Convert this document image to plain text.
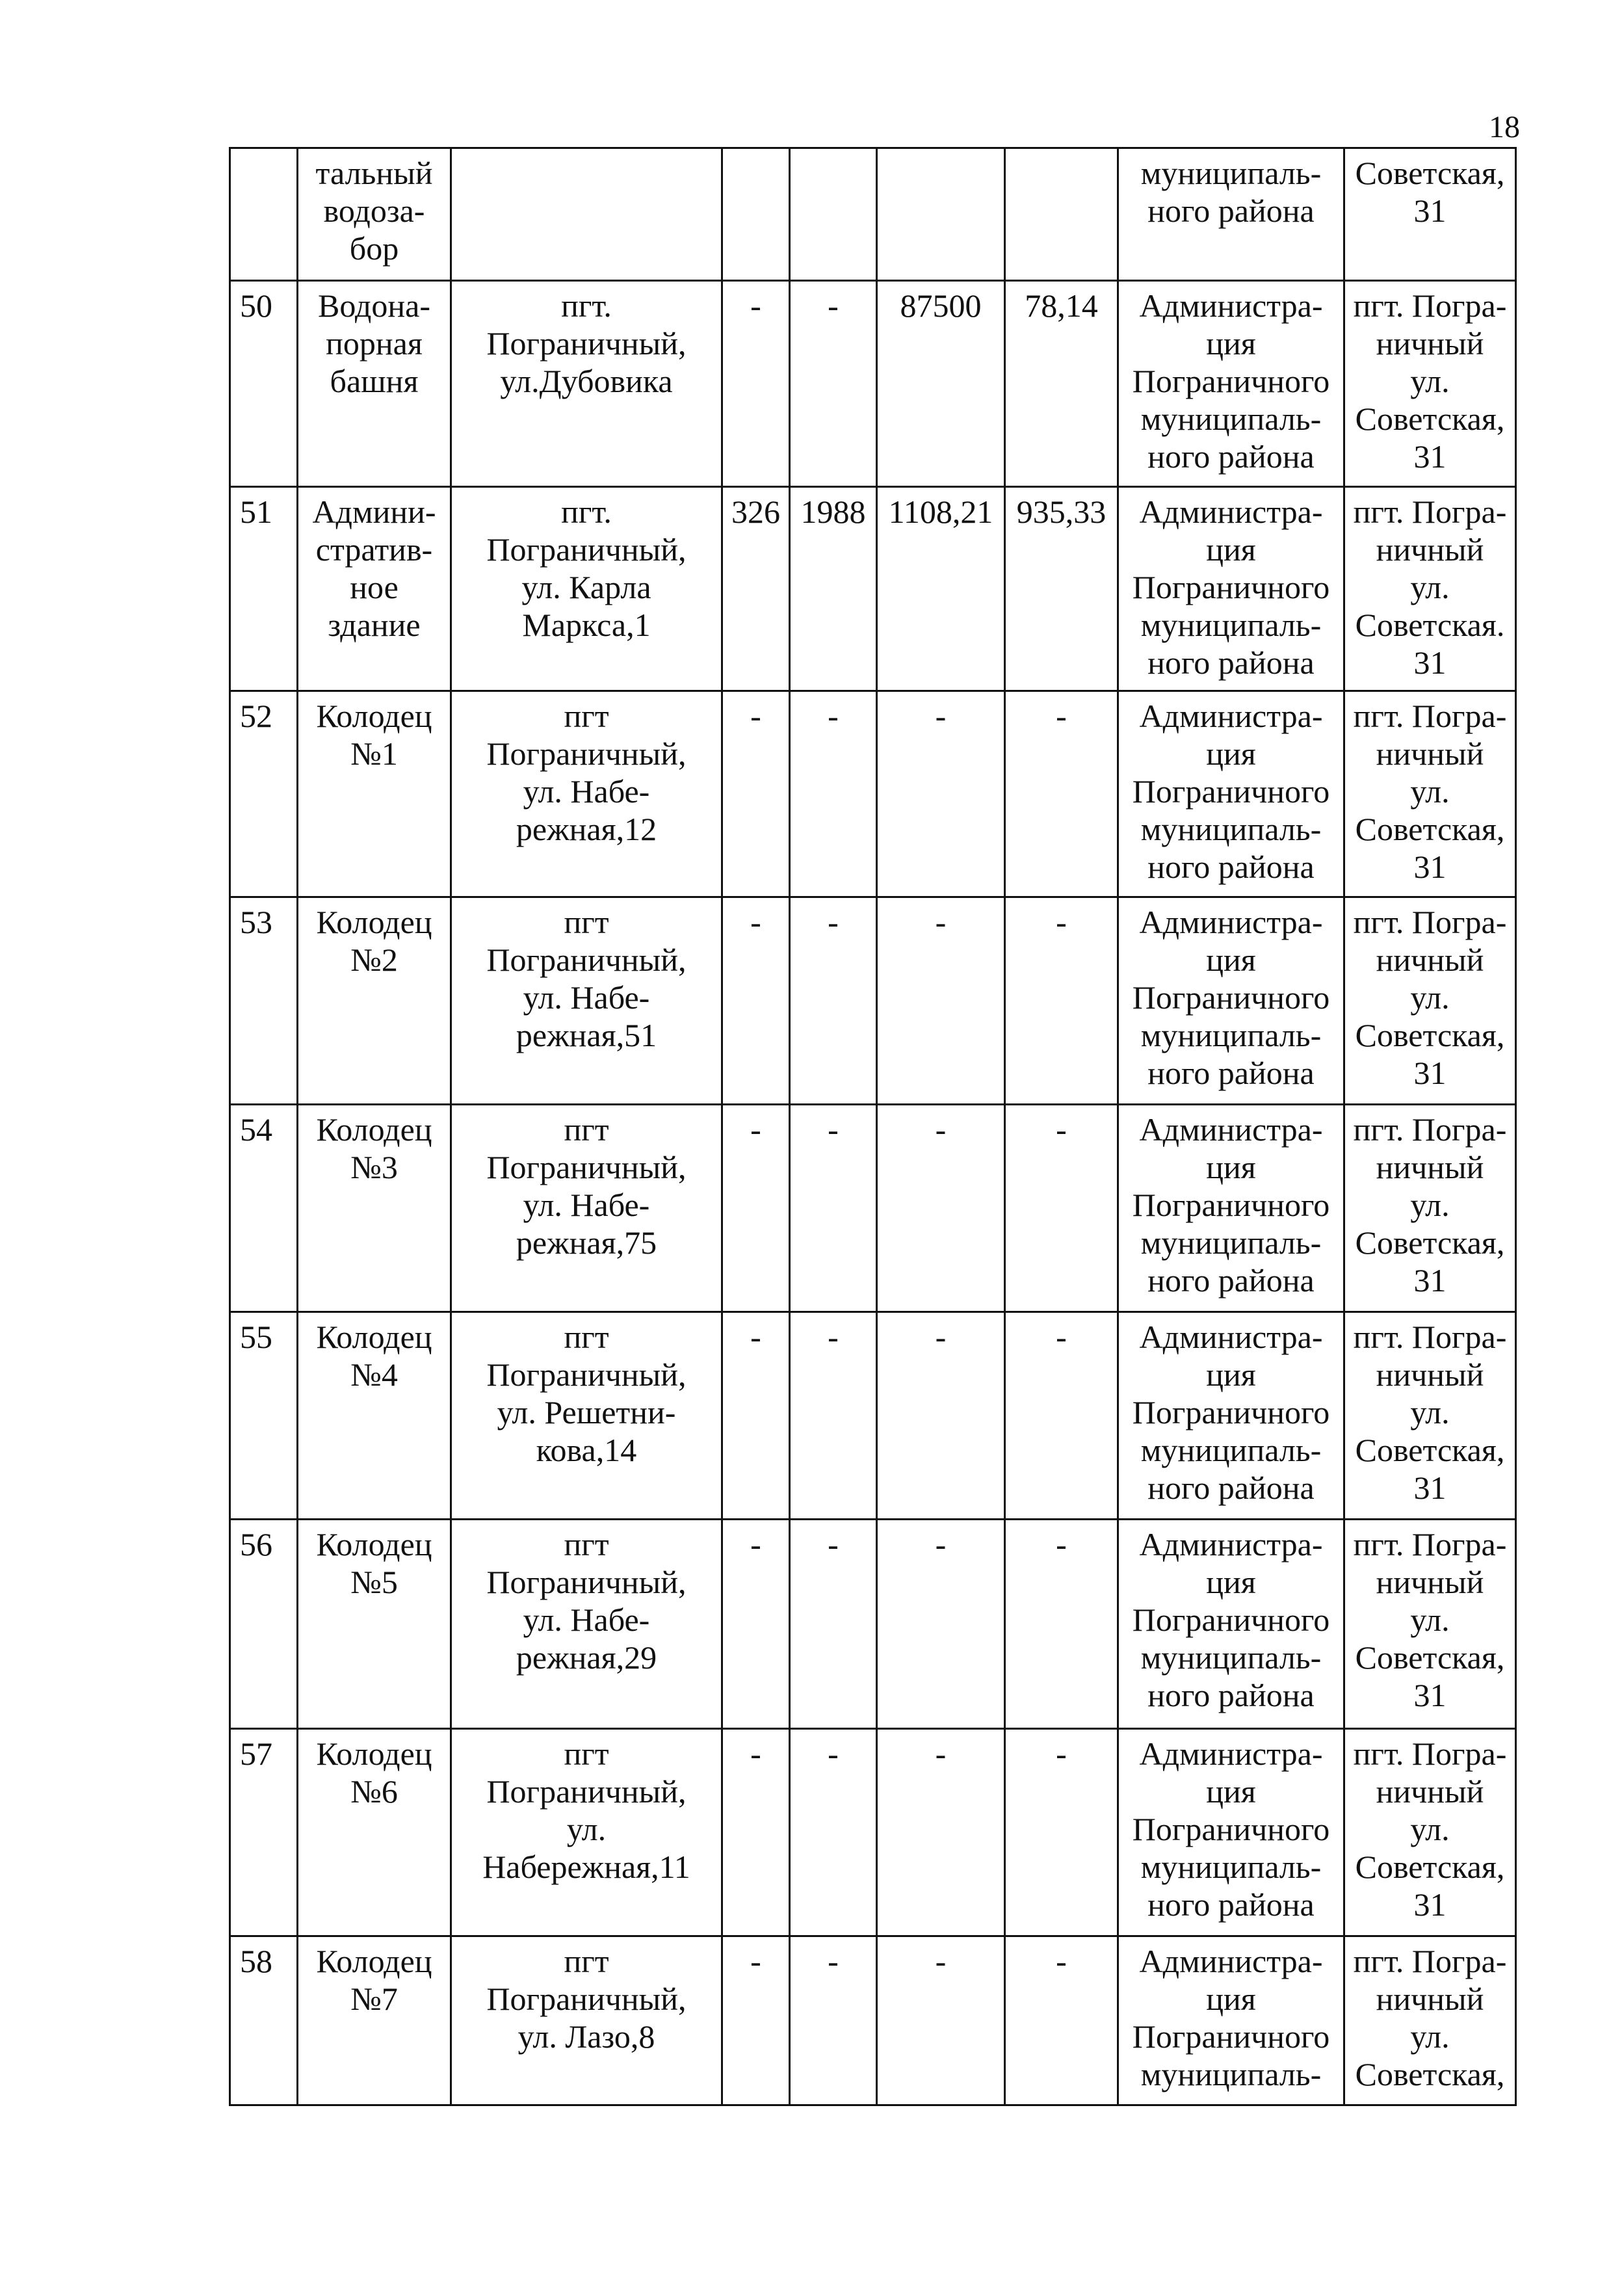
18
	тальный
водоза-
бор						муниципаль-
ного района	Советская,
31
50	Водона-
порная
башня	пгт.
Пограничный,
ул.Дубовика	-	-	87500	78,14	Администра-
ция
Пограничного
муниципаль-
ного района	пгт. Погра-
ничный
ул.
Советская,
31
51	Админи-
стратив-
ное
здание	пгт.
Пограничный,
ул. Карла
Маркса,1	326	1988	1108,21	935,33	Администра-
ция
Пограничного
муниципаль-
ного района	пгт. Погра-
ничный
ул.
Советская.
31
52	Колодец
№1	пгт
Пограничный,
ул. Набе-
режная,12	-	-	-	-	Администра-
ция
Пограничного
муниципаль-
ного района	пгт. Погра-
ничный
ул.
Советская,
31
53	Колодец
№2	пгт
Пограничный,
ул. Набе-
режная,51	-	-	-	-	Администра-
ция
Пограничного
муниципаль-
ного района	пгт. Погра-
ничный
ул.
Советская,
31
54	Колодец
№3	пгт
Пограничный,
ул. Набе-
режная,75	-	-	-	-	Администра-
ция
Пограничного
муниципаль-
ного района	пгт. Погра-
ничный
ул.
Советская,
31
55	Колодец
№4	пгт
Пограничный,
ул. Решетни-
кова,14	-	-	-	-	Администра-
ция
Пограничного
муниципаль-
ного района	пгт. Погра-
ничный
ул.
Советская,
31
56	Колодец
№5	пгт
Пограничный,
ул. Набе-
режная,29	-	-	-	-	Администра-
ция
Пограничного
муниципаль-
ного района	пгт. Погра-
ничный
ул.
Советская,
31
57	Колодец
№6	пгт
Пограничный,
ул.
Набережная,11	-	-	-	-	Администра-
ция
Пограничного
муниципаль-
ного района	пгт. Погра-
ничный
ул.
Советская,
31
58	Колодец
№7	пгт
Пограничный,
ул. Лазо,8	-	-	-	-	Администра-
ция
Пограничного
муниципаль-	пгт. Погра-
ничный
ул.
Советская,
